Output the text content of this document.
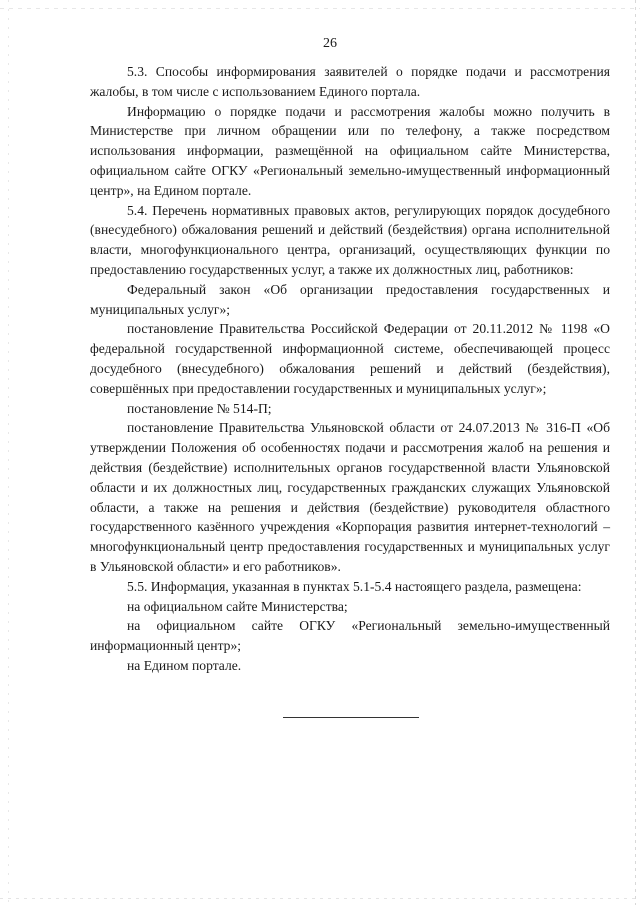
26

5.3. Способы информирования заявителей о порядке подачи и рассмотрения жалобы, в том числе с использованием Единого портала.

Информацию о порядке подачи и рассмотрения жалобы можно получить в Министерстве при личном обращении или по телефону, а также посредством использования информации, размещённой на официальном сайте Министерства, официальном сайте ОГКУ «Региональный земельно-имущественный информационный центр», на Едином портале.

5.4. Перечень нормативных правовых актов, регулирующих порядок досудебного (внесудебного) обжалования решений и действий (бездействия) органа исполнительной власти, многофункционального центра, организаций, осуществляющих функции по предоставлению государственных услуг, а также их должностных лиц, работников:

Федеральный закон «Об организации предоставления государственных и муниципальных услуг»;

постановление Правительства Российской Федерации от 20.11.2012 № 1198 «О федеральной государственной информационной системе, обеспечивающей процесс досудебного (внесудебного) обжалования решений и действий (бездействия), совершённых при предоставлении государственных и муниципальных услуг»;

постановление № 514-П;

постановление Правительства Ульяновской области от 24.07.2013 № 316-П «Об утверждении Положения об особенностях подачи и рассмотрения жалоб на решения и действия (бездействие) исполнительных органов государственной власти Ульяновской области и их должностных лиц, государственных гражданских служащих Ульяновской области, а также на решения и действия (бездействие) руководителя областного государственного казённого учреждения «Корпорация развития интернет-технологий – многофункциональный центр предоставления государственных и муниципальных услуг в Ульяновской области» и его работников».

5.5. Информация, указанная в пунктах 5.1-5.4 настоящего раздела, размещена:

на официальном сайте Министерства;

на официальном сайте ОГКУ «Региональный земельно-имущественный информационный центр»;

на Едином портале.
